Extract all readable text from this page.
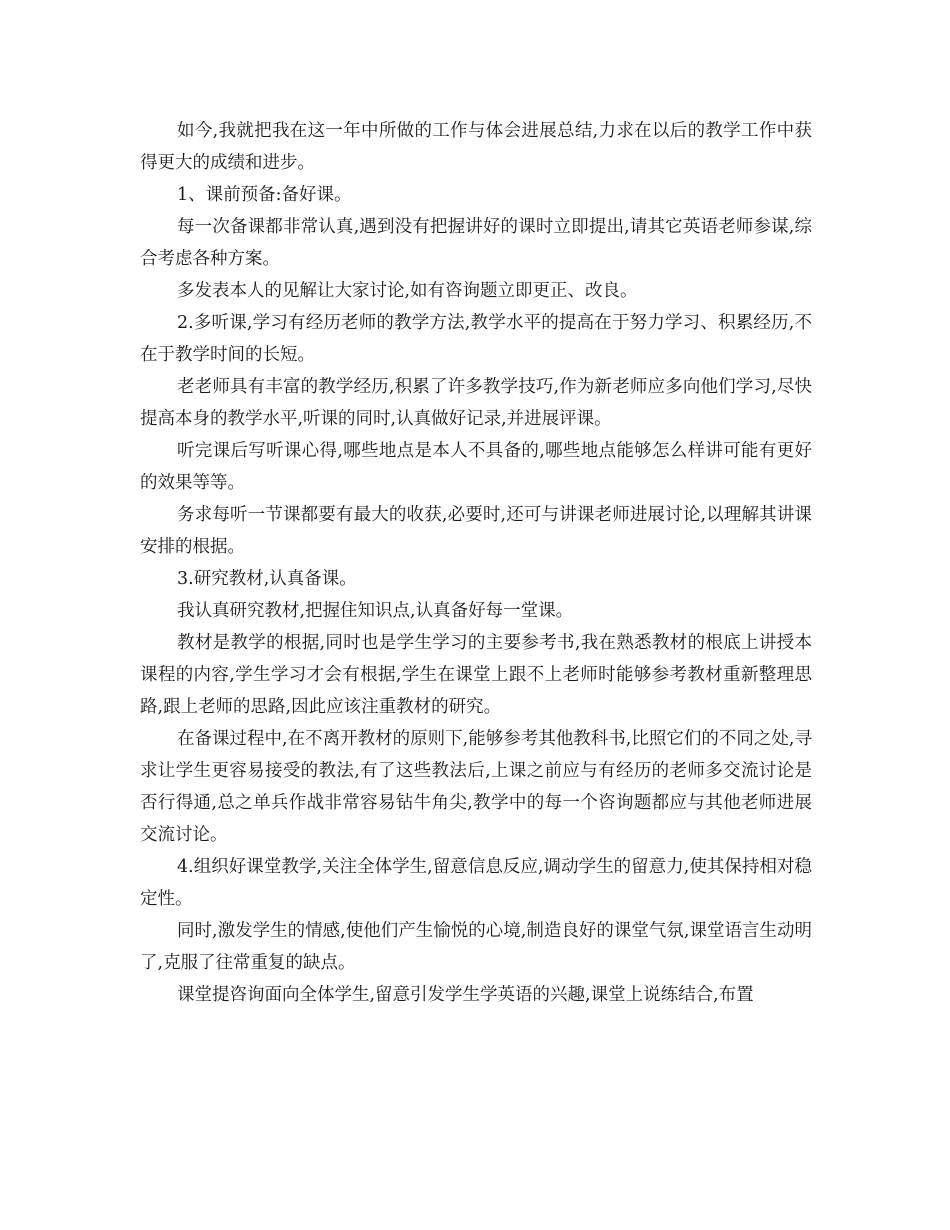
如今,我就把我在这一年中所做的工作与体会进展总结,力求在以后的教学工作中获得更大的成绩和进步。

1、课前预备:备好课。

每一次备课都非常认真,遇到没有把握讲好的课时立即提出,请其它英语老师参谋,综合考虑各种方案。

多发表本人的见解让大家讨论,如有咨询题立即更正、改良。

2.多听课,学习有经历老师的教学方法,教学水平的提高在于努力学习、积累经历,不在于教学时间的长短。

老老师具有丰富的教学经历,积累了许多教学技巧,作为新老师应多向他们学习,尽快提高本身的教学水平,听课的同时,认真做好记录,并进展评课。

听完课后写听课心得,哪些地点是本人不具备的,哪些地点能够怎么样讲可能有更好的效果等等。

务求每听一节课都要有最大的收获,必要时,还可与讲课老师进展讨论,以理解其讲课安排的根据。

3.研究教材,认真备课。

我认真研究教材,把握住知识点,认真备好每一堂课。

教材是教学的根据,同时也是学生学习的主要参考书,我在熟悉教材的根底上讲授本课程的内容,学生学习才会有根据,学生在课堂上跟不上老师时能够参考教材重新整理思路,跟上老师的思路,因此应该注重教材的研究。

在备课过程中,在不离开教材的原则下,能够参考其他教科书,比照它们的不同之处,寻求让学生更容易接受的教法,有了这些教法后,上课之前应与有经历的老师多交流讨论是否行得通,总之单兵作战非常容易钻牛角尖,教学中的每一个咨询题都应与其他老师进展交流讨论。

4.组织好课堂教学,关注全体学生,留意信息反应,调动学生的留意力,使其保持相对稳定性。

同时,激发学生的情感,使他们产生愉悦的心境,制造良好的课堂气氛,课堂语言生动明了,克服了往常重复的缺点。

课堂提咨询面向全体学生,留意引发学生学英语的兴趣,课堂上说练结合,布置
